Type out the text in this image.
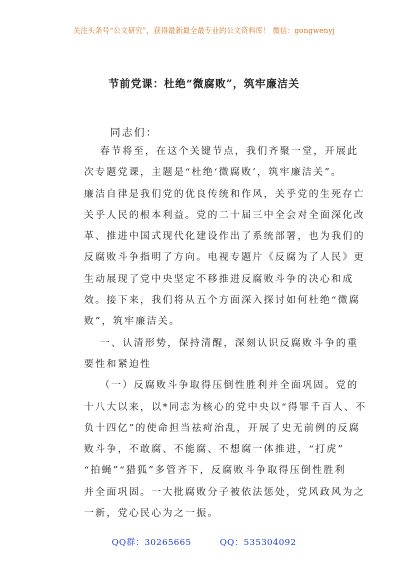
关注头条号“公文研究”，获得最新最全最专业的公文资料库！ 微信：gongwenyj
节前党课：杜绝“微腐败”，筑牢廉洁关
同志们：
春节将至，在这个关键节点，我们齐聚一堂，开展此
次专题党课，主题是“杜绝‘微腐败’，筑牢廉洁关”。
廉洁自律是我们党的优良传统和作风，关乎党的生死存亡
关乎人民的根本利益。党的二十届三中全会对全面深化改
革、推进中国式现代化建设作出了系统部署，也为我们的
反腐败斗争指明了方向。电视专题片《反腐为了人民》更
生动展现了党中央坚定不移推进反腐败斗争的决心和成
效。接下来，我们将从五个方面深入探讨如何杜绝“微腐
败”，筑牢廉洁关。
一、认清形势，保持清醒，深刻认识反腐败斗争的重
要性和紧迫性
（一）反腐败斗争取得压倒性胜利并全面巩固。党的
十八大以来，以*同志为核心的党中央以“得罪千百人、不
负十四亿”的使命担当祛疴治乱，开展了史无前例的反腐
败斗争，不敢腐、不能腐、不想腐一体推进，“打虎”
“拍蝇”“猎狐”多管齐下，反腐败斗争取得压倒性胜利
并全面巩固。一大批腐败分子被依法惩处，党风政风为之
一新，党心民心为之一振。
QQ群：30265665	QQ：535304092
